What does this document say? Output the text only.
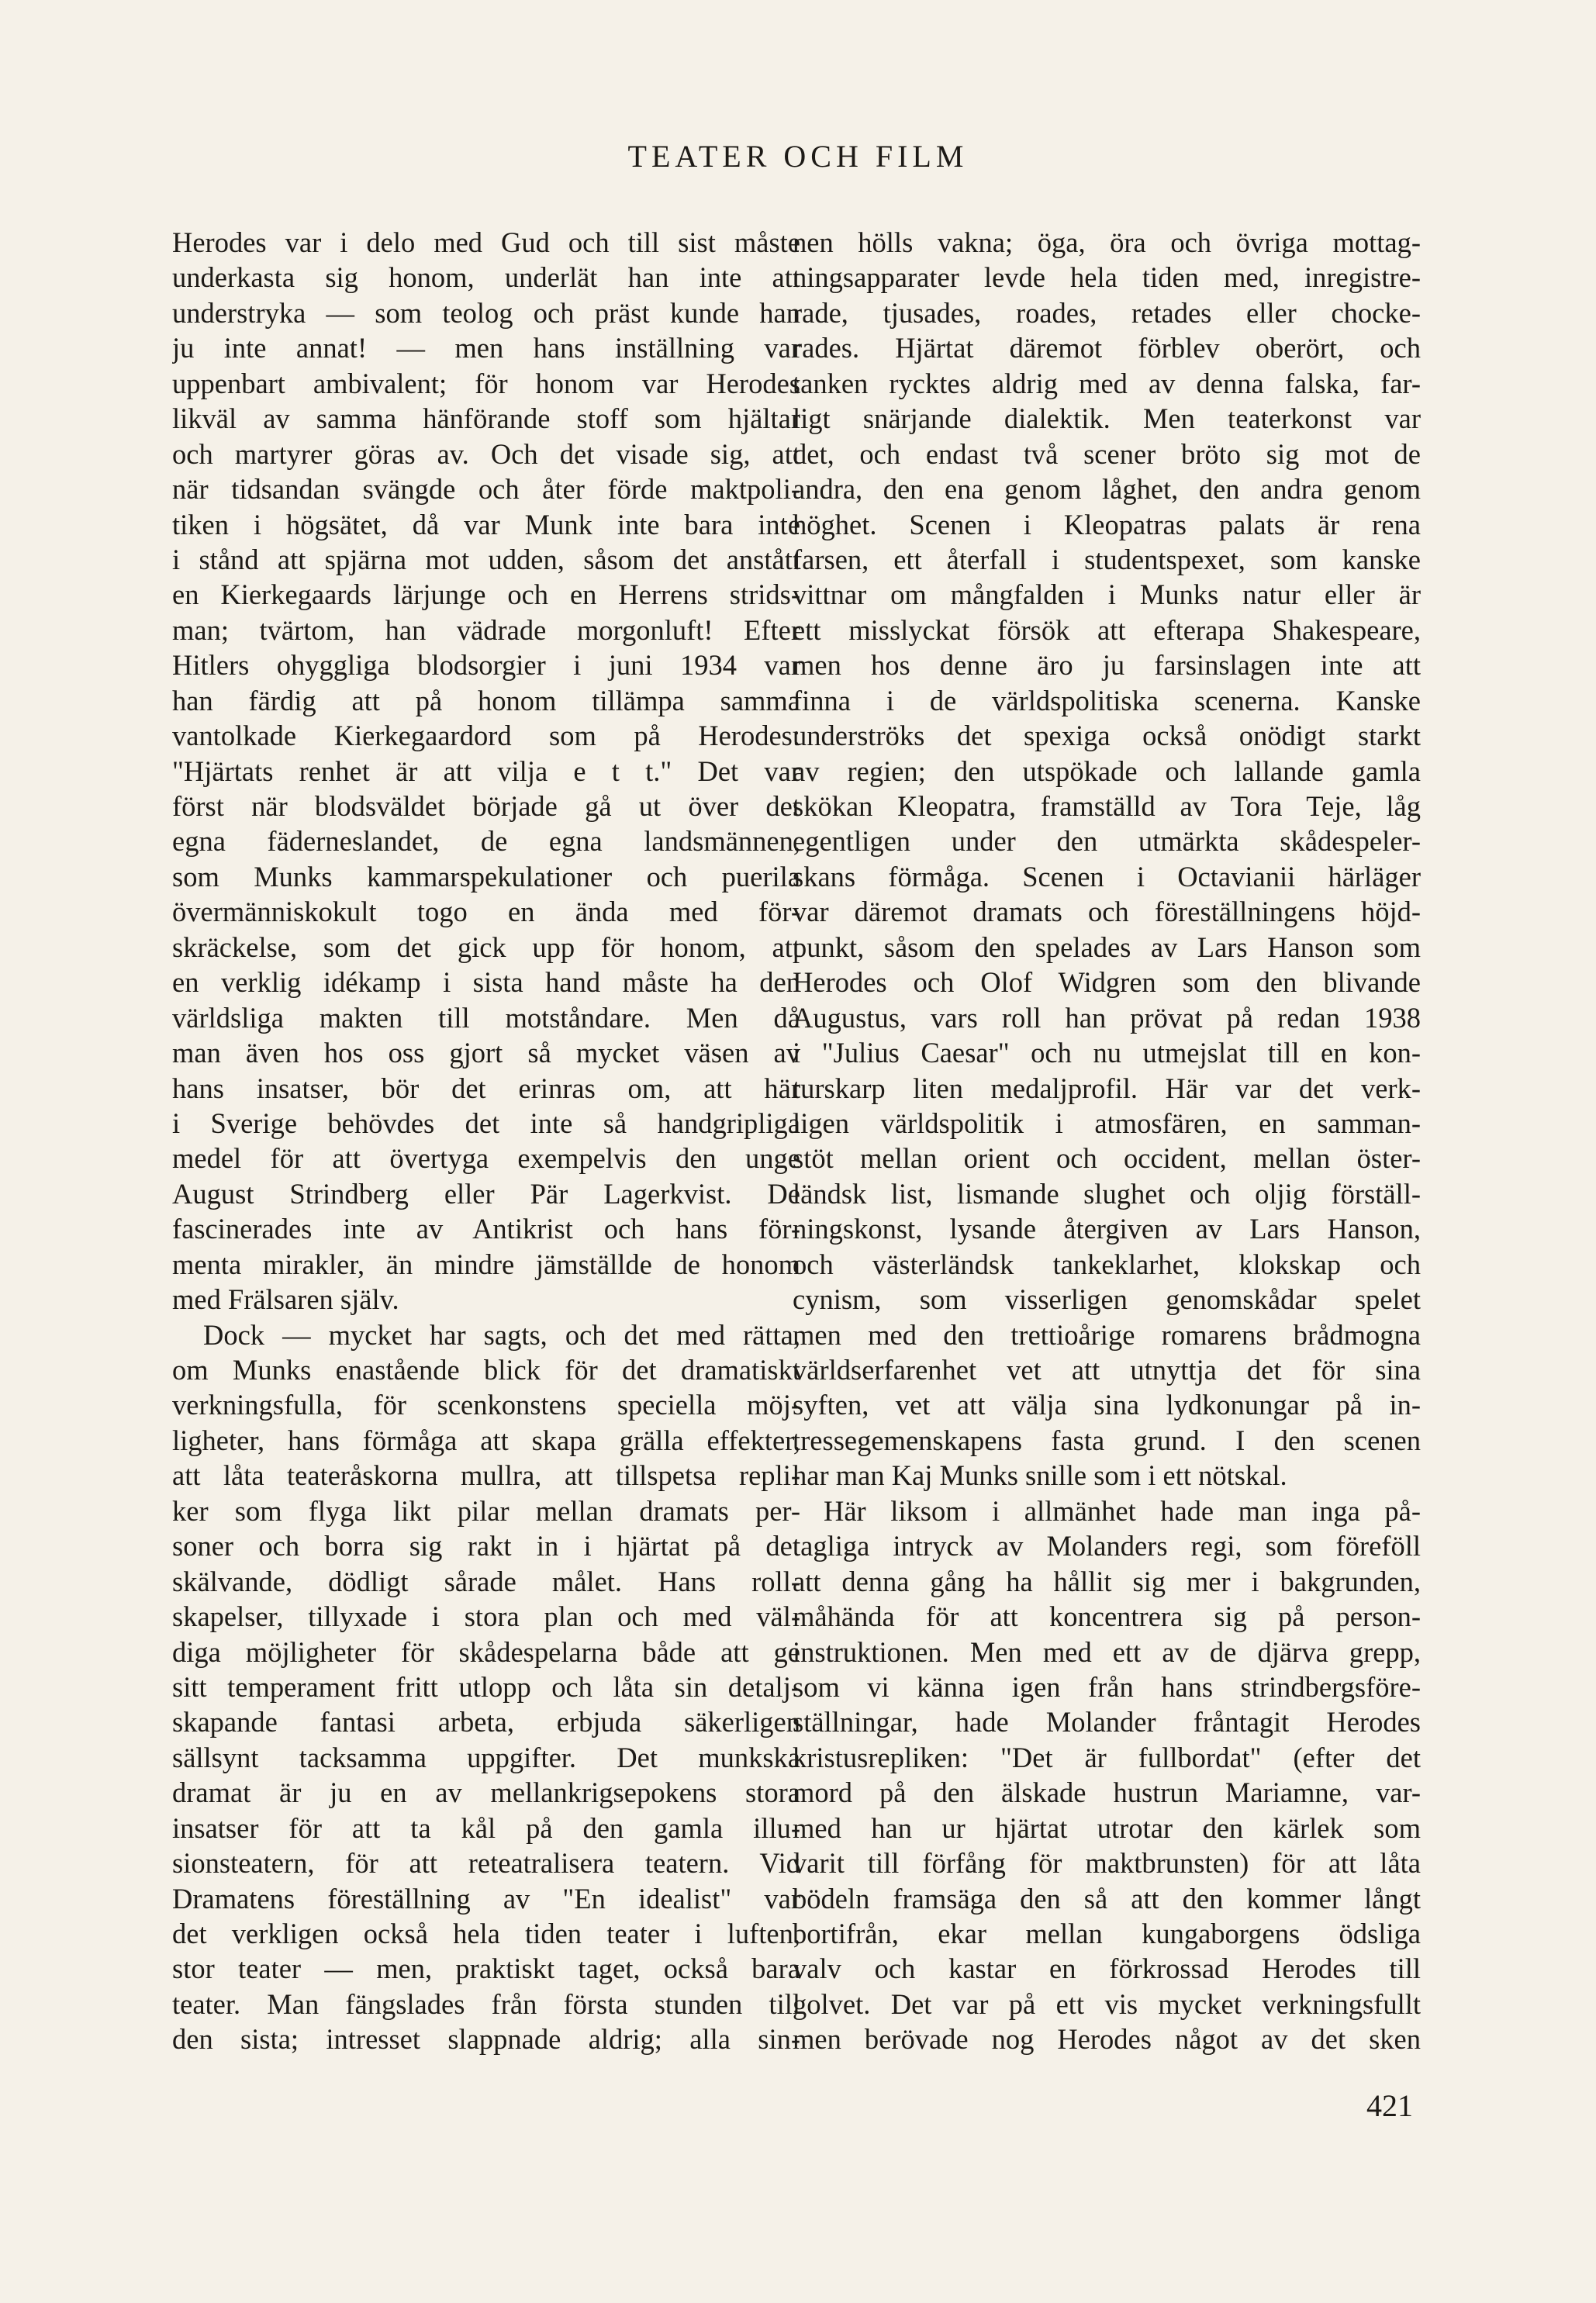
TEATER OCH FILM
Herodes var i delo med Gud och till sist måste
underkasta sig honom, underlät han inte att
understryka — som teolog och präst kunde han
ju inte annat! — men hans inställning var
uppenbart ambivalent; för honom var Herodes
likväl av samma hänförande stoff som hjältar
och martyrer göras av. Och det visade sig, att
när tidsandan svängde och åter förde maktpoli-
tiken i högsätet, då var Munk inte bara inte
i stånd att spjärna mot udden, såsom det anstått
en Kierkegaards lärjunge och en Herrens strids-
man; tvärtom, han vädrade morgonluft! Efter
Hitlers ohyggliga blodsorgier i juni 1934 var
han färdig att på honom tillämpa samma
vantolkade Kierkegaardord som på Herodes:
"Hjärtats renhet är att vilja e t t." Det var
först när blodsväldet började gå ut över det
egna fäderneslandet, de egna landsmännen,
som Munks kammarspekulationer och puerila
övermänniskokult togo en ända med för-
skräckelse, som det gick upp för honom, att
en verklig idékamp i sista hand måste ha den
världsliga makten till motståndare. Men då
man även hos oss gjort så mycket väsen av
hans insatser, bör det erinras om, att här
i Sverige behövdes det inte så handgripliga
medel för att övertyga exempelvis den unge
August Strindberg eller Pär Lagerkvist. De
fascinerades inte av Antikrist och hans för-
menta mirakler, än mindre jämställde de honom
med Frälsaren själv.
Dock — mycket har sagts, och det med rätta,
om Munks enastående blick för det dramatiskt
verkningsfulla, för scenkonstens speciella möj-
ligheter, hans förmåga att skapa grälla effekter,
att låta teateråskorna mullra, att tillspetsa repli-
ker som flyga likt pilar mellan dramats per-
soner och borra sig rakt in i hjärtat på det
skälvande, dödligt sårade målet. Hans roll-
skapelser, tillyxade i stora plan och med väl-
diga möjligheter för skådespelarna både att ge
sitt temperament fritt utlopp och låta sin detalj-
skapande fantasi arbeta, erbjuda säkerligen
sällsynt tacksamma uppgifter. Det munkska
dramat är ju en av mellankrigsepokens stora
insatser för att ta kål på den gamla illu-
sionsteatern, för att reteatralisera teatern. Vid
Dramatens föreställning av "En idealist" var
det verkligen också hela tiden teater i luften,
stor teater — men, praktiskt taget, också bara
teater. Man fängslades från första stunden till
den sista; intresset slappnade aldrig; alla sin-
nen hölls vakna; öga, öra och övriga mottag-
ningsapparater levde hela tiden med, inregistre-
rade, tjusades, roades, retades eller chocke-
rades. Hjärtat däremot förblev oberört, och
tanken rycktes aldrig med av denna falska, far-
ligt snärjande dialektik. Men teaterkonst var
det, och endast två scener bröto sig mot de
andra, den ena genom låghet, den andra genom
höghet. Scenen i Kleopatras palats är rena
farsen, ett återfall i studentspexet, som kanske
vittnar om mångfalden i Munks natur eller är
ett misslyckat försök att efterapa Shakespeare,
men hos denne äro ju farsinslagen inte att
finna i de världspolitiska scenerna. Kanske
underströks det spexiga också onödigt starkt
av regien; den utspökade och lallande gamla
skökan Kleopatra, framställd av Tora Teje, låg
egentligen under den utmärkta skådespeler-
skans förmåga. Scenen i Octavianii härläger
var däremot dramats och föreställningens höjd-
punkt, såsom den spelades av Lars Hanson som
Herodes och Olof Widgren som den blivande
Augustus, vars roll han prövat på redan 1938
i "Julius Caesar" och nu utmejslat till en kon-
turskarp liten medaljprofil. Här var det verk-
ligen världspolitik i atmosfären, en samman-
stöt mellan orient och occident, mellan öster-
ländsk list, lismande slughet och oljig förställ-
ningskonst, lysande återgiven av Lars Hanson,
och västerländsk tankeklarhet, klokskap och
cynism, som visserligen genomskådar spelet
men med den trettioårige romarens brådmogna
världserfarenhet vet att utnyttja det för sina
syften, vet att välja sina lydkonungar på in-
tressegemenskapens fasta grund. I den scenen
har man Kaj Munks snille som i ett nötskal.
Här liksom i allmänhet hade man inga på-
tagliga intryck av Molanders regi, som föreföll
att denna gång ha hållit sig mer i bakgrunden,
måhända för att koncentrera sig på person-
instruktionen. Men med ett av de djärva grepp,
som vi känna igen från hans strindbergsföre-
ställningar, hade Molander fråntagit Herodes
kristusrepliken: "Det är fullbordat" (efter det
mord på den älskade hustrun Mariamne, var-
med han ur hjärtat utrotar den kärlek som
varit till förfång för maktbrunsten) för att låta
bödeln framsäga den så att den kommer långt
bortifrån, ekar mellan kungaborgens ödsliga
valv och kastar en förkrossad Herodes till
golvet. Det var på ett vis mycket verkningsfullt
men berövade nog Herodes något av det sken
421
